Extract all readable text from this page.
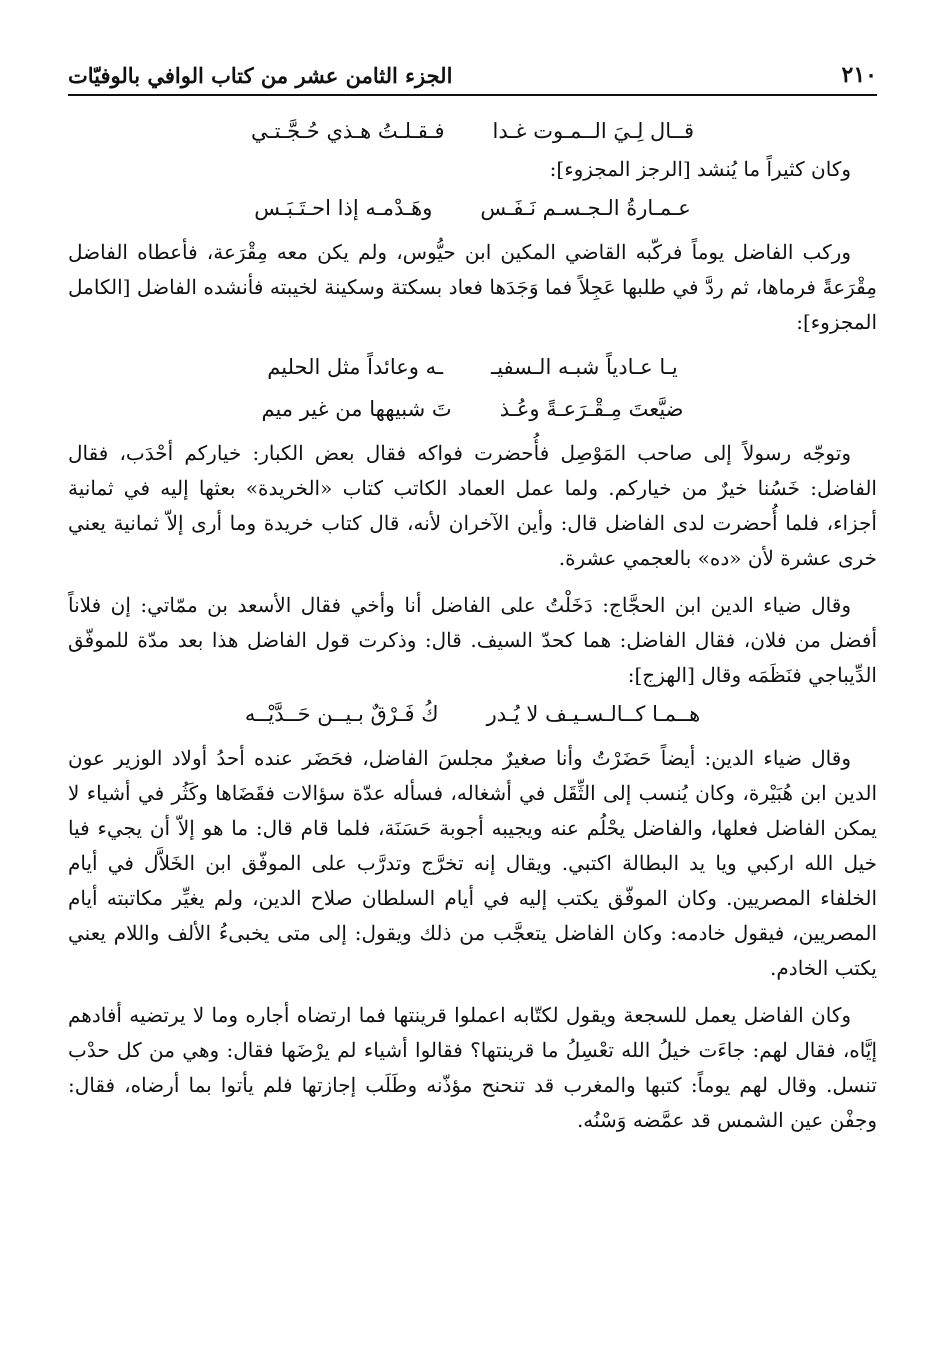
٢١٠
الجزء الثامن عشر من كتاب الوافي بالوفيّات
قــال لِـيَ الــمـوت غـدا
فـقـلـتُ هـذي حُـجَّـتـي

وكان كثيراً ما يُنشد [الرجز المجزوء]:

عـمـارةُ الـجـسـم نَـفَـس
وهَـدْمـه إذا احـتَـبَـس

وركب الفاضل يوماً فركّبه القاضي المكين ابن حيُّوس، ولم يكن معه مِقْرَعة، فأعطاه الفاضل مِقْرَعةً فرماها، ثم ردَّ في طلبها عَجِلاً فما وَجَدَها فعاد بسكتة وسكينة لخيبته فأنشده الفاضل [الكامل المجزوء]:

يـا عـادياً شبـه الـسفيـ
ـه وعائداً مثل الحليم
ضيَّعتَ مِـقْـرَعـةً وعُـذ
تَ شبيهها من غير ميم

وتوجّه رسولاً إلى صاحب المَوْصِل فأُحضرت فواكه فقال بعض الكبار: خياركم أحْدَب، فقال الفاضل: خَسُنا خيرٌ من خياركم. ولما عمل العماد الكاتب كتاب «الخريدة» بعثها إليه في ثمانية أجزاء، فلما أُحضرت لدى الفاضل قال: وأين الآخران لأنه، قال كتاب خريدة وما أرى إلاّ ثمانية يعني خرى عشرة لأن «ده» بالعجمي عشرة.

وقال ضياء الدين ابن الحجَّاج: دَخَلْتُ على الفاضل أنا وأخي فقال الأسعد بن ممّاتي: إن فلاناً أفضل من فلان، فقال الفاضل: هما كحدّ السيف. قال: وذكرت قول الفاضل هذا بعد مدّة للموفّق الدِّيباجي فنَظَمَه وقال [الهزج]:

هــمـا كــالـسـيـف لا يُـدر
كُ فَـرْقٌ بـيــن حَــدَّيْــه

وقال ضياء الدين: أيضاً حَضَرْتُ وأنا صغيرٌ مجلسَ الفاضل، فحَضَر عنده أحدُ أولاد الوزير عون الدين ابن هُبَيْرة، وكان يُنسب إلى الثِّقَل في أشغاله، فسأله عدّة سؤالات فقَضَاها وكَثُر في أشياء لا يمكن الفاضل فعلها، والفاضل يحْلُم عنه ويجيبه أجوبة حَسَنَة، فلما قام قال: ما هو إلاّ أن يجيء فيا خيل الله اركبي ويا يد البطالة اكتبي. ويقال إنه تخرَّج وتدرَّب على الموفّق ابن الخَلاَّل في أيام الخلفاء المصريين. وكان الموفّق يكتب إليه في أيام السلطان صلاح الدين، ولم يغيِّر مكاتبته أيام المصريين، فيقول خادمه: وكان الفاضل يتعجَّب من ذلك ويقول: إلى متى يخبىءُ الألف واللام يعني يكتب الخادم.

وكان الفاضل يعمل للسجعة ويقول لكتّابه اعملوا قرينتها فما ارتضاه أجاره وما لا يرتضيه أفادهم إيَّاه، فقال لهم: جاءَت خيلُ الله تعْسِلُ ما قرينتها؟ فقالوا أشياء لم يرْضَها فقال: وهي من كل حدْب تنسل. وقال لهم يوماً: كتبها والمغرب قد تنحنح مؤذّنه وطَلَب إجازتها فلم يأتوا بما أرضاه، فقال: وجفْن عين الشمس قد عمَّضه وَسْنُه.
